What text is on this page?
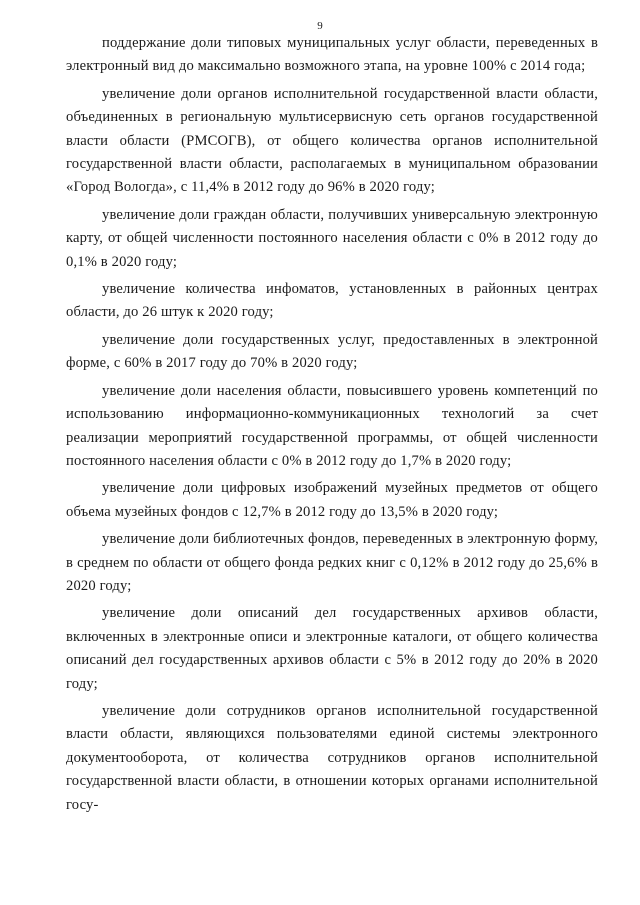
9

поддержание доли типовых муниципальных услуг области, переведенных в электронный вид до максимально возможного этапа, на уровне 100% с 2014 года;

увеличение доли органов исполнительной государственной власти области, объединенных в региональную мультисервисную сеть органов государственной власти области (РМСОГВ), от общего количества органов исполнительной государственной власти области, располагаемых в муниципальном образовании «Город Вологда», с 11,4% в 2012 году до 96% в 2020 году;

увеличение доли граждан области, получивших универсальную электронную карту, от общей численности постоянного населения области с 0% в 2012 году до 0,1% в 2020 году;

увеличение количества инфоматов, установленных в районных центрах области, до 26 штук к 2020 году;

увеличение доли государственных услуг, предоставленных в электронной форме, с 60% в 2017 году до 70% в 2020 году;

увеличение доли населения области, повысившего уровень компетенций по использованию информационно-коммуникационных технологий за счет реализации мероприятий государственной программы, от общей численности постоянного населения области с 0% в 2012 году до 1,7% в 2020 году;

увеличение доли цифровых изображений музейных предметов от общего объема музейных фондов с 12,7% в 2012 году до 13,5% в 2020 году;

увеличение доли библиотечных фондов, переведенных в электронную форму, в среднем по области от общего фонда редких книг с 0,12% в 2012 году до 25,6% в 2020 году;

увеличение доли описаний дел государственных архивов области, включенных в электронные описи и электронные каталоги, от общего количества описаний дел государственных архивов области с 5% в 2012 году до 20% в 2020 году;

увеличение доли сотрудников органов исполнительной государственной власти области, являющихся пользователями единой системы электронного документооборота, от количества сотрудников органов исполнительной государственной власти области, в отношении которых органами исполнительной госу-
